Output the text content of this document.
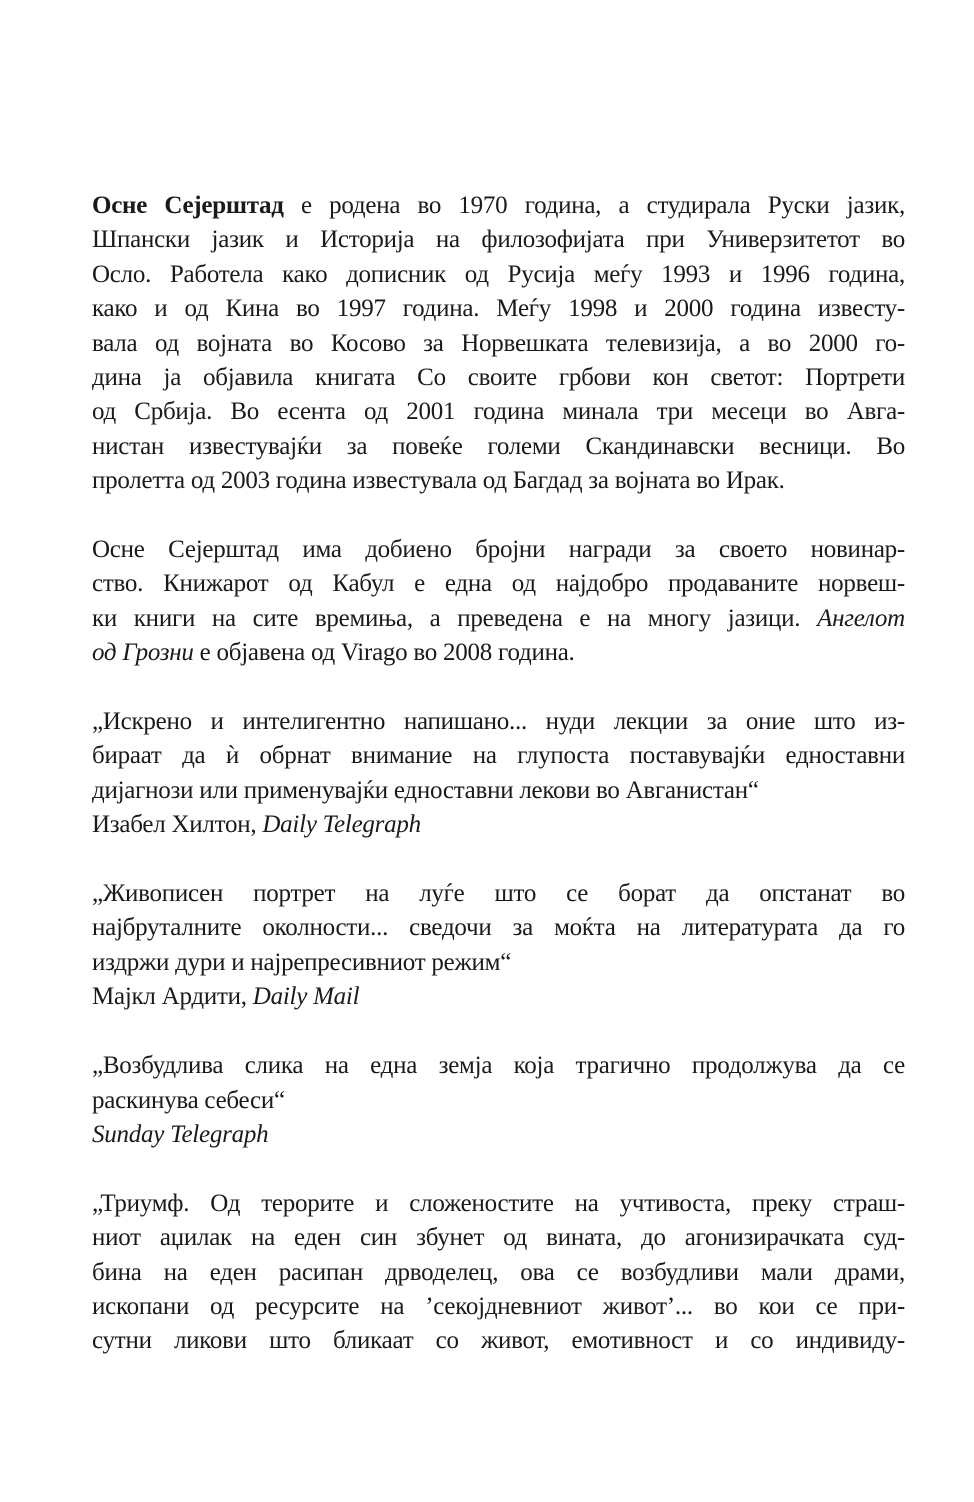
Осне Сејерштад е родена во 1970 година, а студирала Руски јазик,
Шпански јазик и Историја на филозофијата при Универзитетот во
Осло. Работела како дописник од Русија меѓу 1993 и 1996 година,
како и од Кина во 1997 година. Меѓу 1998 и 2000 година известу-
вала од војната во Косово за Норвешката телевизија, а во 2000 го-
дина ја објавила книгата Со своите грбови кон светот: Портрети
од Србија. Во есента од 2001 година минала три месеци во Авга-
нистан известувајќи за повеќе големи Скандинавски весници. Во
пролетта од 2003 година известувала од Багдад за војната во Ирак.
Осне Сејерштад има добиено бројни награди за своето новинар-
ство. Книжарот од Кабул е една од најдобро продаваните норвеш-
ки книги на сите времиња, а преведена е на многу јазици. Ангелот
од Грозни е објавена од Virago во 2008 година.
„Искрено и интелигентно напишано... нуди лекции за оние што из-
бираат да ѝ обрнат внимание на глупоста поставувајќи едноставни
дијагнози или применувајќи едноставни лекови во Авганистан“
Изабел Хилтон, Daily Telegraph
„Живописен портрет на луѓе што се борат да опстанат во
најбруталните околности... сведочи за моќта на литературата да го
издржи дури и најрепресивниот режим“
Мајкл Ардити, Daily Mail
„Возбудлива слика на една земја која трагично продолжува да се
раскинува себеси“
Sunday Telegraph
„Триумф. Од терорите и сложеностите на учтивоста, преку страш-
ниот аџилак на еден син збунет од вината, до агонизирачката суд-
бина на еден расипан дрводелец, ова се возбудливи мали драми,
ископани од ресурсите на ’секојдневниот живот’... во кои се при-
сутни ликови што бликаат со живот, емотивност и со индивиду-
